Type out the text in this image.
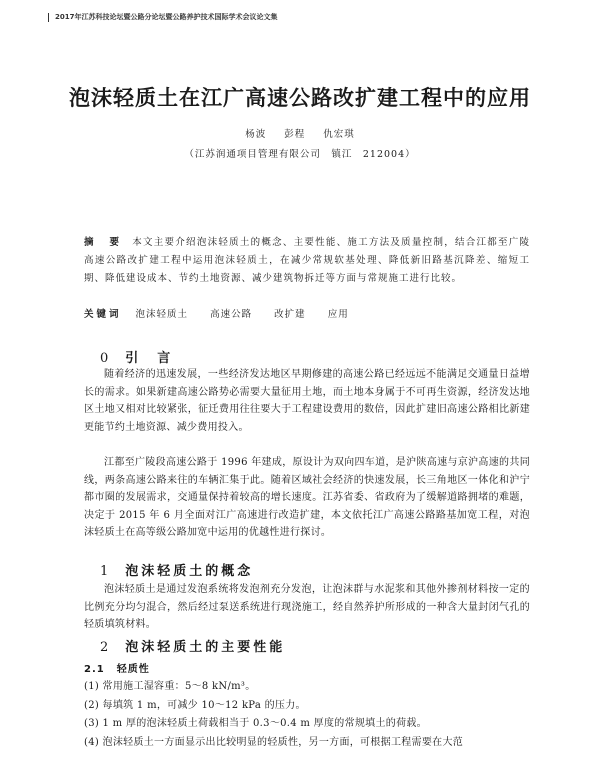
2017年江苏科技论坛暨公路分论坛暨公路养护技术国际学术会议论文集
泡沫轻质土在江广高速公路改扩建工程中的应用
杨波 彭程 仇宏琪
（江苏润通项目管理有限公司　镇江　212004）
摘　要 本文主要介绍泡沫轻质土的概念、主要性能、施工方法及质量控制，结合江都至广陵高速公路改扩建工程中运用泡沫轻质土，在减少常规软基处理、降低新旧路基沉降差、缩短工期、降低建设成本、节约土地资源、减少建筑物拆迁等方面与常规施工进行比较。
关键词 泡沫轻质土 高速公路 改扩建 应用
0 引　言

随着经济的迅速发展，一些经济发达地区早期修建的高速公路已经远远不能满足交通量日益增长的需求。如果新建高速公路势必需要大量征用土地，而土地本身属于不可再生资源，经济发达地区土地又相对比较紧张，征迁费用往往要大于工程建设费用的数倍，因此扩建旧高速公路相比新建更能节约土地资源、减少费用投入。

江都至广陵段高速公路于 1996 年建成，原设计为双向四车道，是沪陕高速与京沪高速的共同线，两条高速公路来往的车辆汇集于此。随着区域社会经济的快速发展，长三角地区一体化和沪宁都市圈的发展需求，交通量保持着较高的增长速度。江苏省委、省政府为了缓解道路拥堵的难题，决定于 2015 年 6 月全面对江广高速进行改造扩建，本文依托江广高速公路路基加宽工程，对泡沫轻质土在高等级公路加宽中运用的优越性进行探讨。

1 泡沫轻质土的概念

泡沫轻质土是通过发泡系统将发泡剂充分发泡，让泡沫群与水泥浆和其他外掺剂材料按一定的比例充分均匀混合，然后经过泵送系统进行现浇施工，经自然养护所形成的一种含大量封闭气孔的轻质填筑材料。

2 泡沫轻质土的主要性能
2.1 轻质性
(1) 常用施工湿容重：5～8 kN/m³。
(2) 每填筑 1 m，可减少 10～12 kPa 的压力。
(3) 1 m 厚的泡沫轻质土荷载相当于 0.3～0.4 m 厚度的常规填土的荷载。
(4) 泡沫轻质土一方面显示出比较明显的轻质性，另一方面，可根据工程需要在大范
